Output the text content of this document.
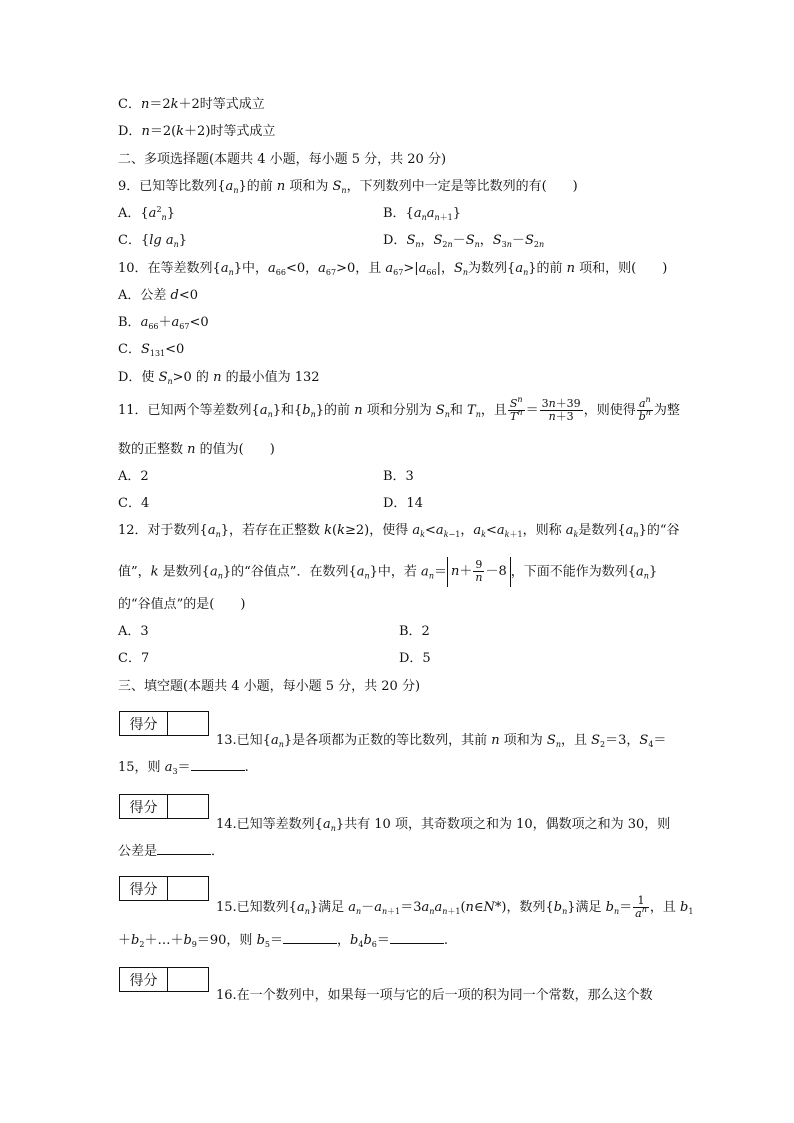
C．n＝2k＋2时等式成立
D．n＝2(k＋2)时等式成立
二、多项选择题(本题共 4 小题，每小题 5 分，共 20 分)
9．已知等比数列$\{a_n\}$的前 n 项和为 $S_n$，下列数列中一定是等比数列的有(　　)
A．$\{a^2_n\}$	B．$\{a_na_{n+1}\}$
C．{lg $a_n$}	D．$S_n$，$S_{2n}-S_n$，$S_{3n}-S_{2n}$
10．在等差数列$\{a_n\}$中，$a_{66}<0$，$a_{67}>0$，且 $a_{67}>|a_{66}|$，$S_n$为数列$\{a_n\}$的前 n 项和，则(　　)
A．公差 d<0
B．$a_{66}+a_{67}<0$
C．$S_{131}<0$
D．使 $S_n>0$ 的 n 的最小值为 132
11．已知两个等差数列$\{a_n\}$和$\{b_n\}$的前 n 项和分别为 $S_n$和 $T_n$，且 $\frac{S^n}{T^n} = \frac{3n+39}{n+3}$ ，则使得 $\frac{a^n}{b^n}$ 为整
数的正整数 n 的值为(　　)
A．2	B．3
C．4	D．14
12．对于数列$\{a_n\}$，若存在正整数 k(k≥2)，使得 $a_k<a_{k-1}$，$a_k<a_{k+1}$，则称 $a_k$是数列$\{a_n\}$的“谷
值”，k 是数列$\{a_n\}$的“谷值点”．在数列$\{a_n\}$中，若 $a_n= n+ \frac{9}{n} -8$ ，下面不能作为数列$\{a_n\}$
的“谷值点”的是(　　)
A．3	B．2
C．7	D．5
三、填空题(本题共 4 小题，每小题 5 分，共 20 分)
得分
13.已知$\{a_n\}$是各项都为正数的等比数列，其前 n 项和为 $S_n$，且 $S_2=3$，$S_4=$
15，则 $a_3=$	.
得分
14.已知等差数列$\{a_n\}$共有 10 项，其奇数项之和为 10，偶数项之和为 30，则
公差是	．
得分
15.已知数列$\{a_n\}$满足 $a_n-a_{n+1}=3a_na_{n+1}(n\in N*)$，数列$\{b_n\}$满足 $b_n= \frac{1}{a^n}$ ，且 $b_1$
$+b_2+\dots+b_9=90$，则 $b_5=$	，$b_4b_6=$	.
得分
16.在一个数列中，如果每一项与它的后一项的积为同一个常数，那么这个数
